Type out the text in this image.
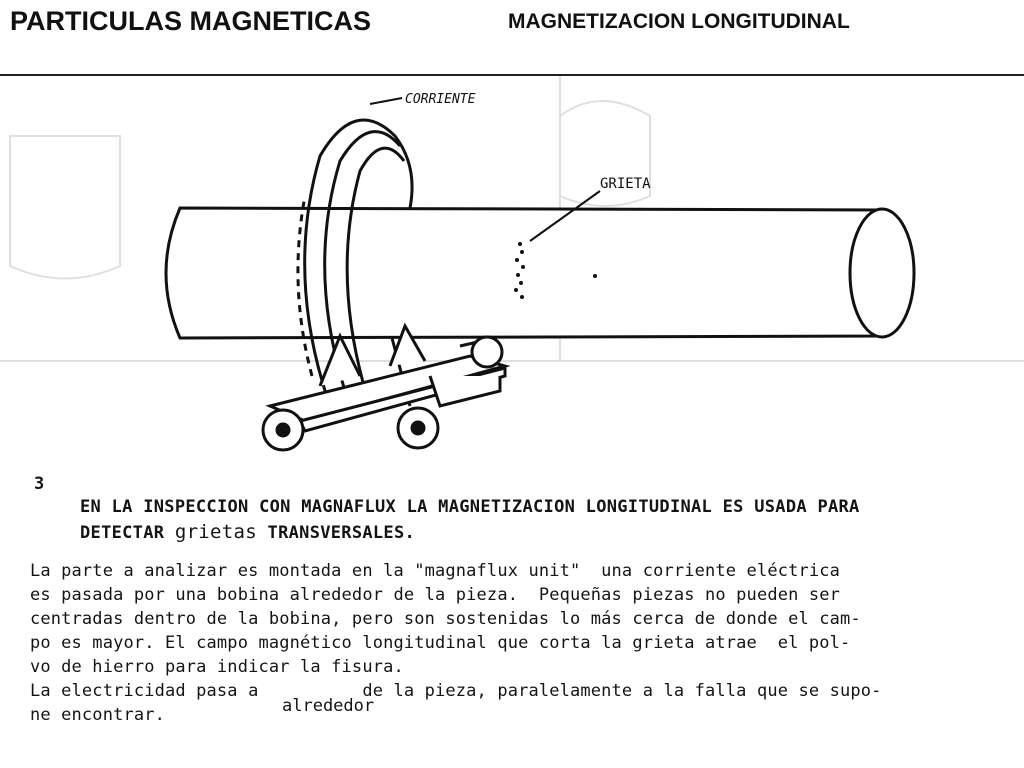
PARTICULAS MAGNETICAS	MAGNETIZACION LONGITUDINAL
CORRIENTE
GRIETA
3
EN LA INSPECCION CON MAGNAFLUX LA MAGNETIZACION LONGITUDINAL ES USADA PARA
DETECTAR grietas TRANSVERSALES.
La parte a analizar es montada en la "magnaflux unit"  una corriente eléctrica
es pasada por una bobina alrededor de la pieza.  Pequeñas piezas no pueden ser
centradas dentro de la bobina, pero son sostenidas lo más cerca de donde el cam-
po es mayor. El campo magnético longitudinal que corta la grieta atrae  el pol-
vo de hierro para indicar la fisura.
La electricidad pasa a          de la pieza, paralelamente a la falla que se supo-
ne encontrar.	alrededor
